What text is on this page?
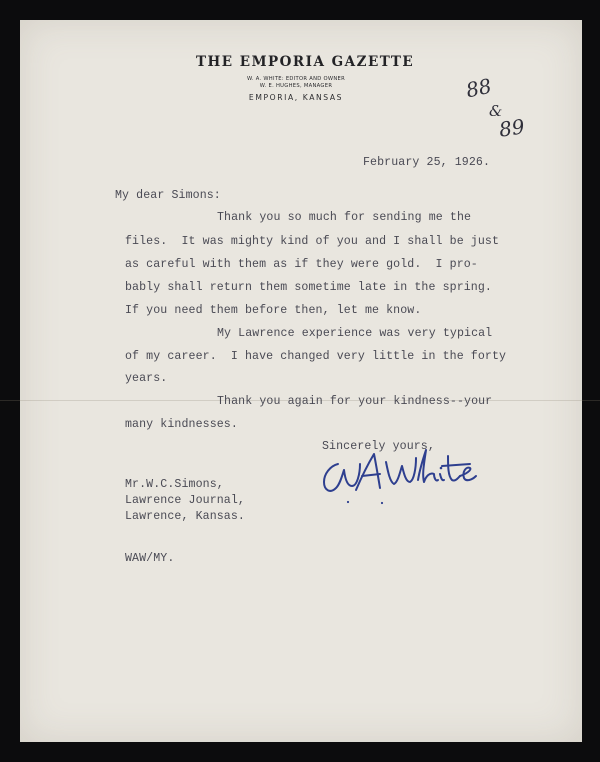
THE EMPORIA GAZETTE
W. A. WHITE: EDITOR AND OWNER
W. E. HUGHES, MANAGER
EMPORIA, KANSAS	88
&
89
February 25, 1926.
My dear Simons:
Thank you so much for sending me the
files.  It was mighty kind of you and I shall be just
as careful with them as if they were gold.  I pro-
bably shall return them sometime late in the spring.
If you need them before then, let me know.
My Lawrence experience was very typical
of my career.  I have changed very little in the forty
years.
Thank you again for your kindness--your
many kindnesses.
Sincerely yours,
Mr.W.C.Simons,
Lawrence Journal,
Lawrence, Kansas.
WAW/MY.
